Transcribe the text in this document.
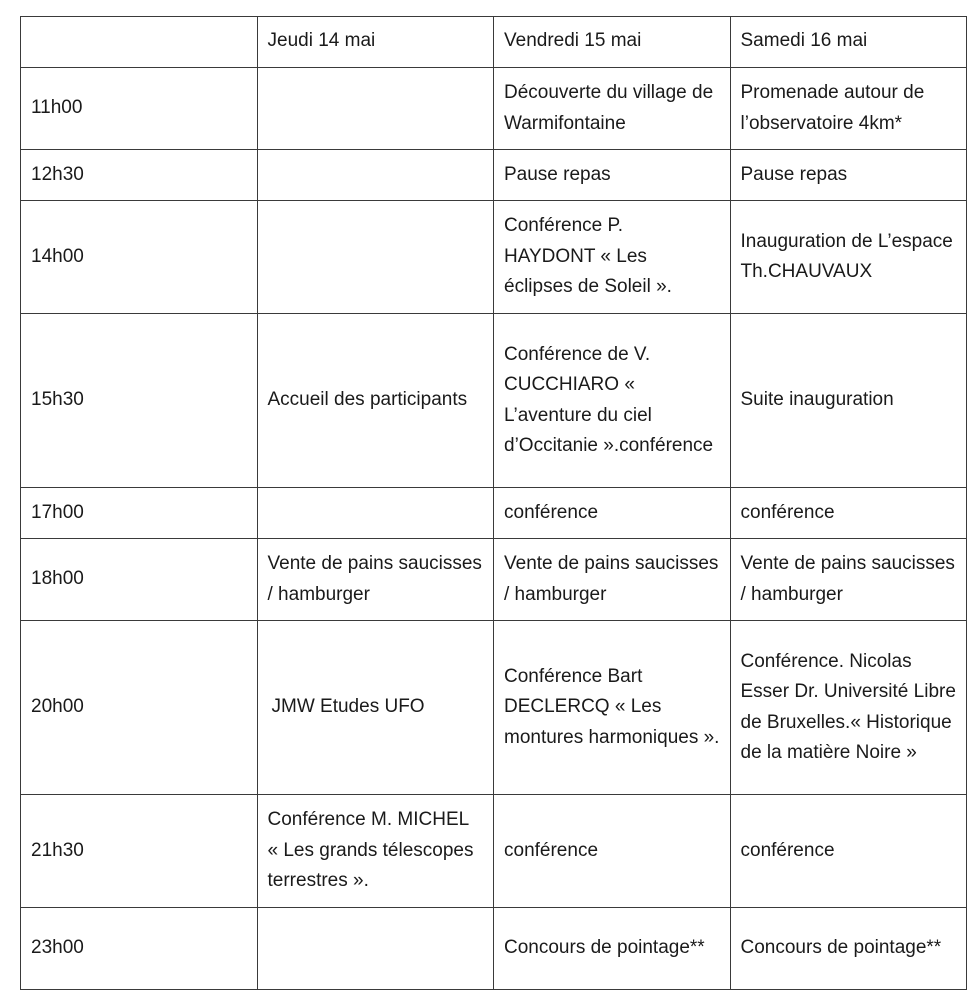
	Jeudi 14 mai	Vendredi 15 mai	Samedi 16 mai
11h00		Découverte du village de Warmifontaine	Promenade autour de l’observatoire 4km*
12h30		Pause repas	Pause repas
14h00		Conférence P. HAYDONT « Les éclipses de Soleil ».	Inauguration de L’espace Th.CHAUVAUX
15h30	Accueil des participants	Conférence de V. CUCCHIARO « L’aventure du ciel d’Occitanie ».conférence	Suite inauguration
17h00		conférence	conférence
18h00	Vente de pains saucisses / hamburger	Vente de pains saucisses / hamburger	Vente de pains saucisses / hamburger
20h00	JMW Etudes UFO	Conférence Bart DECLERCQ « Les montures harmoniques ».	Conférence. Nicolas Esser Dr. Université Libre de Bruxelles.« Historique de la matière Noire »
21h30	Conférence M. MICHEL « Les grands télescopes terrestres ».	conférence	conférence
23h00		Concours de pointage**	Concours de pointage**
